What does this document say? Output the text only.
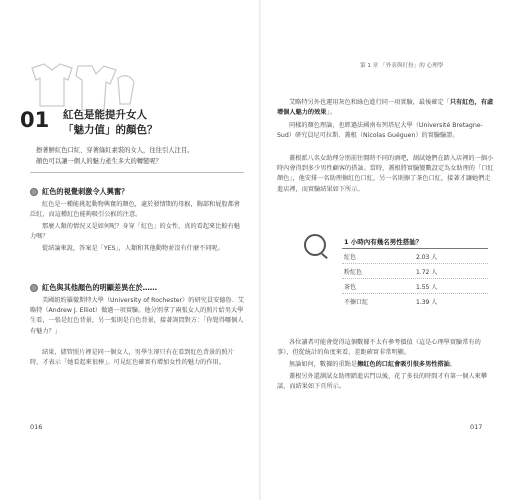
01 紅色是能提升女人
「魅力值」的顏色？
擦著鮮紅色口紅、穿著綠紅素裝的女人，往往引人注目。
顏色可以讓一個人的魅力產生多大的轉變呢？
紅色的視覺刺激令人興奮？
紅色是一種能挑起動物興奮的顏色，處於發情期的母猴，胸部和屁股都會泛紅，而這種紅色能夠吸引公猴的注意。
那麼人類的情況又是如何呢？身穿「紅色」的女性，真的看起來比較有魅力嗎？
從結論來說，答案是「YES」，人類和其他動物並沒有什麼不同呢。
紅色與其他顏色的明顯差異在於……
美國紐約羅徹斯特大學（University of Rochester）的研究員安德魯．艾略特（Andrew J. Elliot）做過一項實驗。他分別拿了兩張女人的照片給男大學生看，一張是紅色背景，另一張則是白色背景，接著詢問對方：「你覺得哪個人有魅力？」
結果，儘管照片裡是同一個女人，男學生卻只有在看到紅色背景的照片時，才表示「她看起來很棒」。可見紅色確實有增加女性的魅力的作用。
016
第 1 章 「外表與打扮」的 心理學
艾略特另外也運用灰色和綠色進行同一項實驗，最後確定「只有紅色，有虛增個人魅力的效果」。
同樣的顏色理論，也經過法國南布列塔尼大學（Université Bretagne-Sud）研究員尼可拉斯．蓋根（Nicolas Guéguen）的實驗驗證。
蓋根派八名女助理分別前往閒時不同的酒吧，測試她們在踏入店裡的一個小時內會得到多少男性顧客的搭訕。當時，蓋根將實驗變數設定為女助理的「口紅顏色」，他安排一名助理擦紅色口紅，另一名則擦了茶色口紅，接著才讓她們走進店裡，而實驗結果如下所示。
1 小時內有幾名男性搭訕？
紅色	2.03 人
粉紅色	1.72 人
茶色	1.55 人
不擦口紅	1.39 人
各位讀者可能會覺得這個數據不太有參考價值（這是心理學實驗常有的事），但從統計的角度來看，差距確實非常明顯。
無論如何，數據的重點是擦紅色的口紅會吸引很多男性搭訕。
蓋根另外還測試女助理踏進店門以後，花了多長的時間才有第一個人來攀談，而結果如下頁所示。
017
